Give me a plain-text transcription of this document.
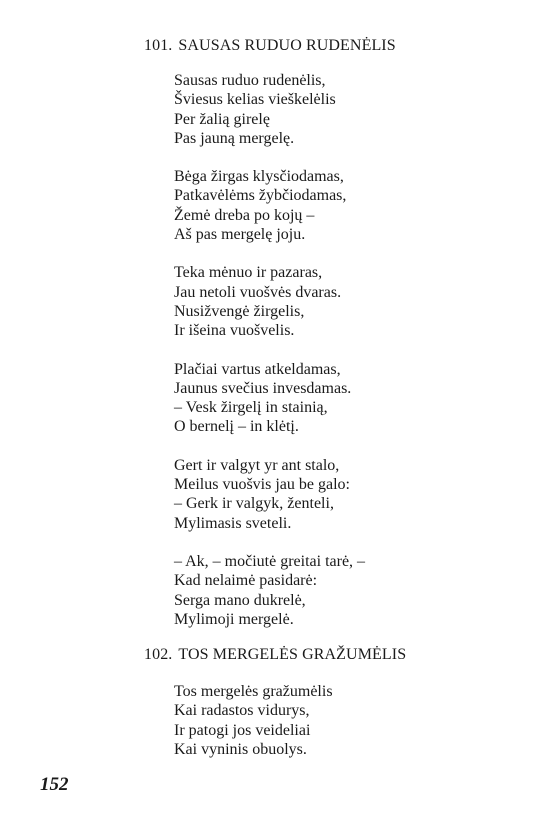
101. SAUSAS RUDUO RUDENĖLIS
Sausas ruduo rudenėlis,
Šviesus kelias vieškelėlis
Per žalią girelę
Pas jauną mergelę.
Bėga žirgas klysčiodamas,
Patkavėlėms žybčiodamas,
Žemė dreba po kojų –
Aš pas mergelę joju.
Teka mėnuo ir pazaras,
Jau netoli vuošvės dvaras.
Nusižvengė žirgelis,
Ir išeina vuošvelis.
Plačiai vartus atkeldamas,
Jaunus svečius invesdamas.
– Vesk žirgelį in stainią,
O bernelį – in klėtį.
Gert ir valgyt yr ant stalo,
Meilus vuošvis jau be galo:
– Gerk ir valgyk, ženteli,
Mylimasis sveteli.
– Ak, – močiutė greitai tarė, –
Kad nelaimė pasidarė:
Serga mano dukrelė,
Mylimoji mergelė.
102. TOS MERGELĖS GRAŽUMĖLIS
Tos mergelės gražumėlis
Kai radastos vidurys,
Ir patogi jos veideliai
Kai vyninis obuolys.

152
